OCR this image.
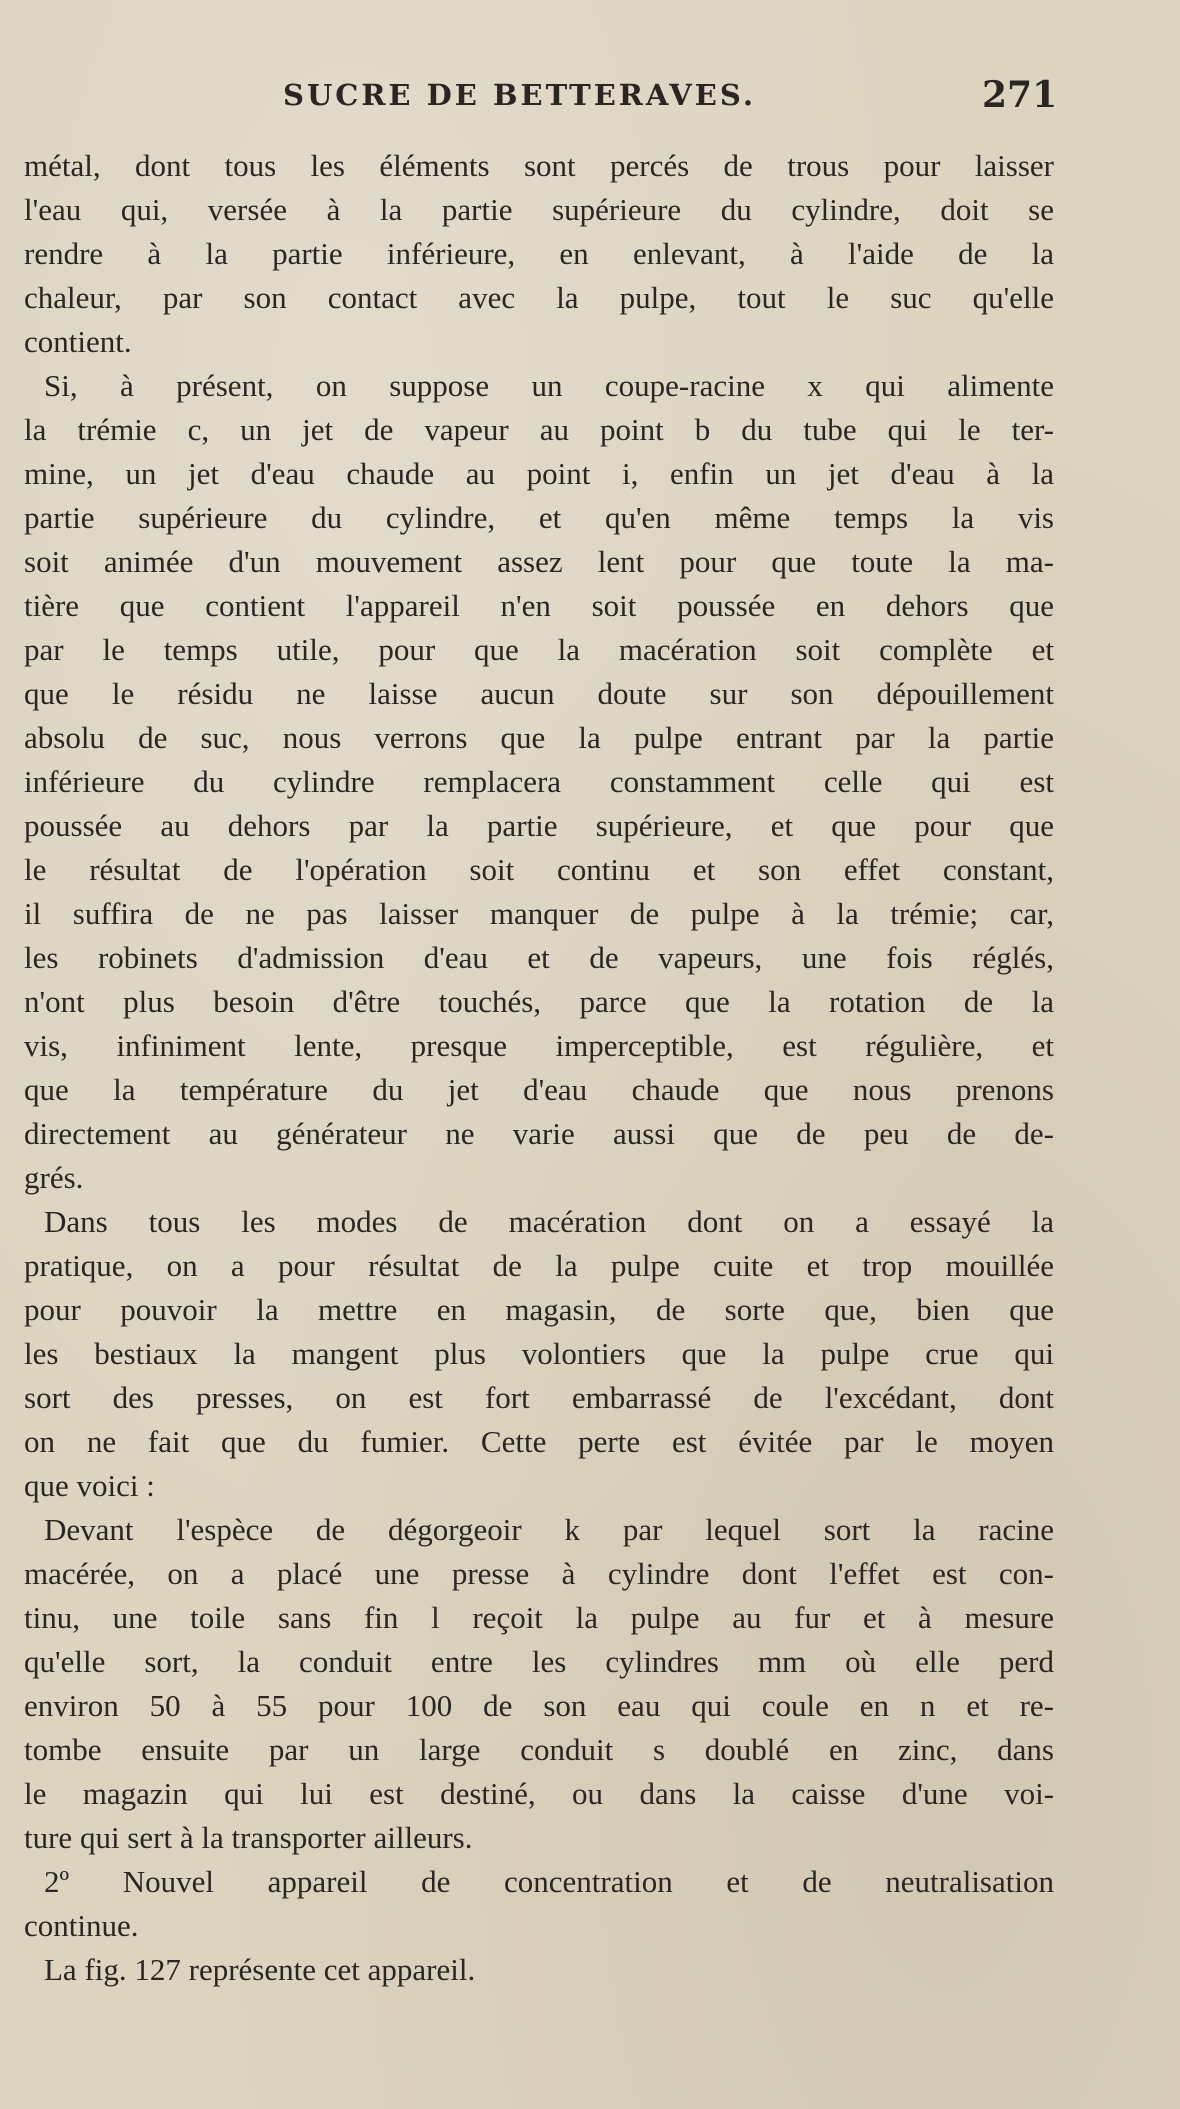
SUCRE DE BETTERAVES.	271
métal, dont tous les éléments sont percés de trous pour laisser
l'eau qui, versée à la partie supérieure du cylindre, doit se
rendre à la partie inférieure, en enlevant, à l'aide de la
chaleur, par son contact avec la pulpe, tout le suc qu'elle
contient.
Si, à présent, on suppose un coupe-racine x qui alimente
la trémie c, un jet de vapeur au point b du tube qui le ter-
mine, un jet d'eau chaude au point i, enfin un jet d'eau à la
partie supérieure du cylindre, et qu'en même temps la vis
soit animée d'un mouvement assez lent pour que toute la ma-
tière que contient l'appareil n'en soit poussée en dehors que
par le temps utile, pour que la macération soit complète et
que le résidu ne laisse aucun doute sur son dépouillement
absolu de suc, nous verrons que la pulpe entrant par la partie
inférieure du cylindre remplacera constamment celle qui est
poussée au dehors par la partie supérieure, et que pour que
le résultat de l'opération soit continu et son effet constant,
il suffira de ne pas laisser manquer de pulpe à la trémie; car,
les robinets d'admission d'eau et de vapeurs, une fois réglés,
n'ont plus besoin d'être touchés, parce que la rotation de la
vis, infiniment lente, presque imperceptible, est régulière, et
que la température du jet d'eau chaude que nous prenons
directement au générateur ne varie aussi que de peu de de-
grés.
Dans tous les modes de macération dont on a essayé la
pratique, on a pour résultat de la pulpe cuite et trop mouillée
pour pouvoir la mettre en magasin, de sorte que, bien que
les bestiaux la mangent plus volontiers que la pulpe crue qui
sort des presses, on est fort embarrassé de l'excédant, dont
on ne fait que du fumier. Cette perte est évitée par le moyen
que voici :
Devant l'espèce de dégorgeoir k par lequel sort la racine
macérée, on a placé une presse à cylindre dont l'effet est con-
tinu, une toile sans fin l reçoit la pulpe au fur et à mesure
qu'elle sort, la conduit entre les cylindres mm où elle perd
environ 50 à 55 pour 100 de son eau qui coule en n et re-
tombe ensuite par un large conduit s doublé en zinc, dans
le magazin qui lui est destiné, ou dans la caisse d'une voi-
ture qui sert à la transporter ailleurs.
2º Nouvel appareil de concentration et de neutralisation
continue.
La fig. 127 représente cet appareil.
